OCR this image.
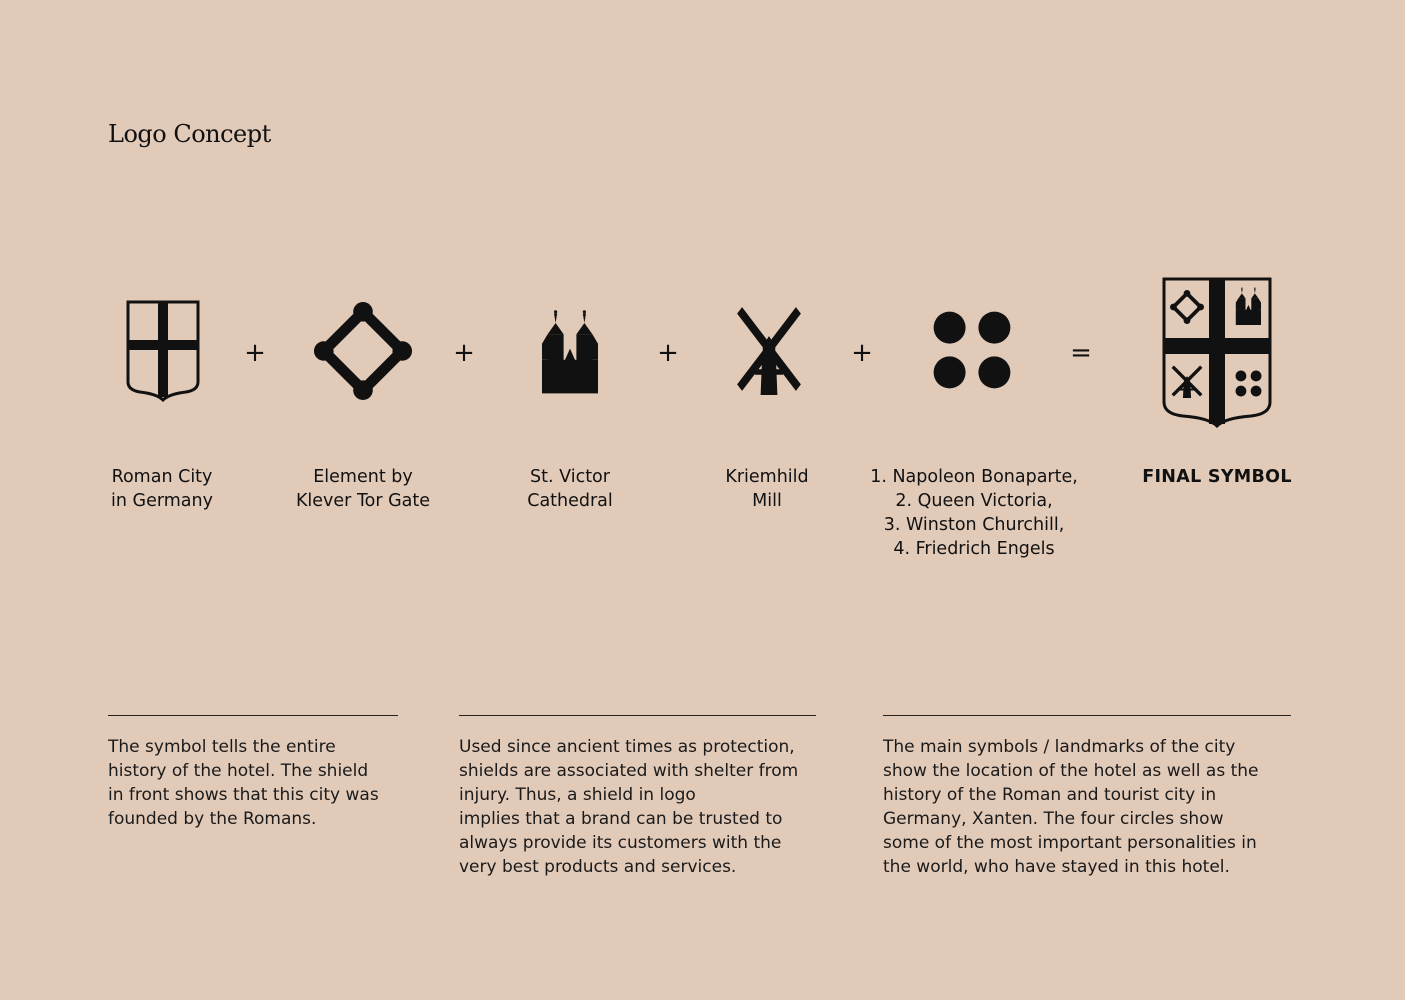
Logo Concept
+	+	+	+	=
Roman City
in Germany
Element by
Klever Tor Gate
St. Victor
Cathedral
Kriemhild
Mill
1. Napoleon Bonaparte,
2. Queen Victoria,
3. Winston Churchill,
4. Friedrich Engels
FINAL SYMBOL
The symbol tells the entire
history of the hotel. The shield
in front shows that this city was
founded by the Romans.
Used since ancient times as protection,
shields are associated with shelter from
injury. Thus, a shield in logo
implies that a brand can be trusted to
always provide its customers with the
very best products and services.
The main symbols / landmarks of the city
show the location of the hotel as well as the
history of the Roman and tourist city in
Germany, Xanten. The four circles show
some of the most important personalities in
the world, who have stayed in this hotel.
